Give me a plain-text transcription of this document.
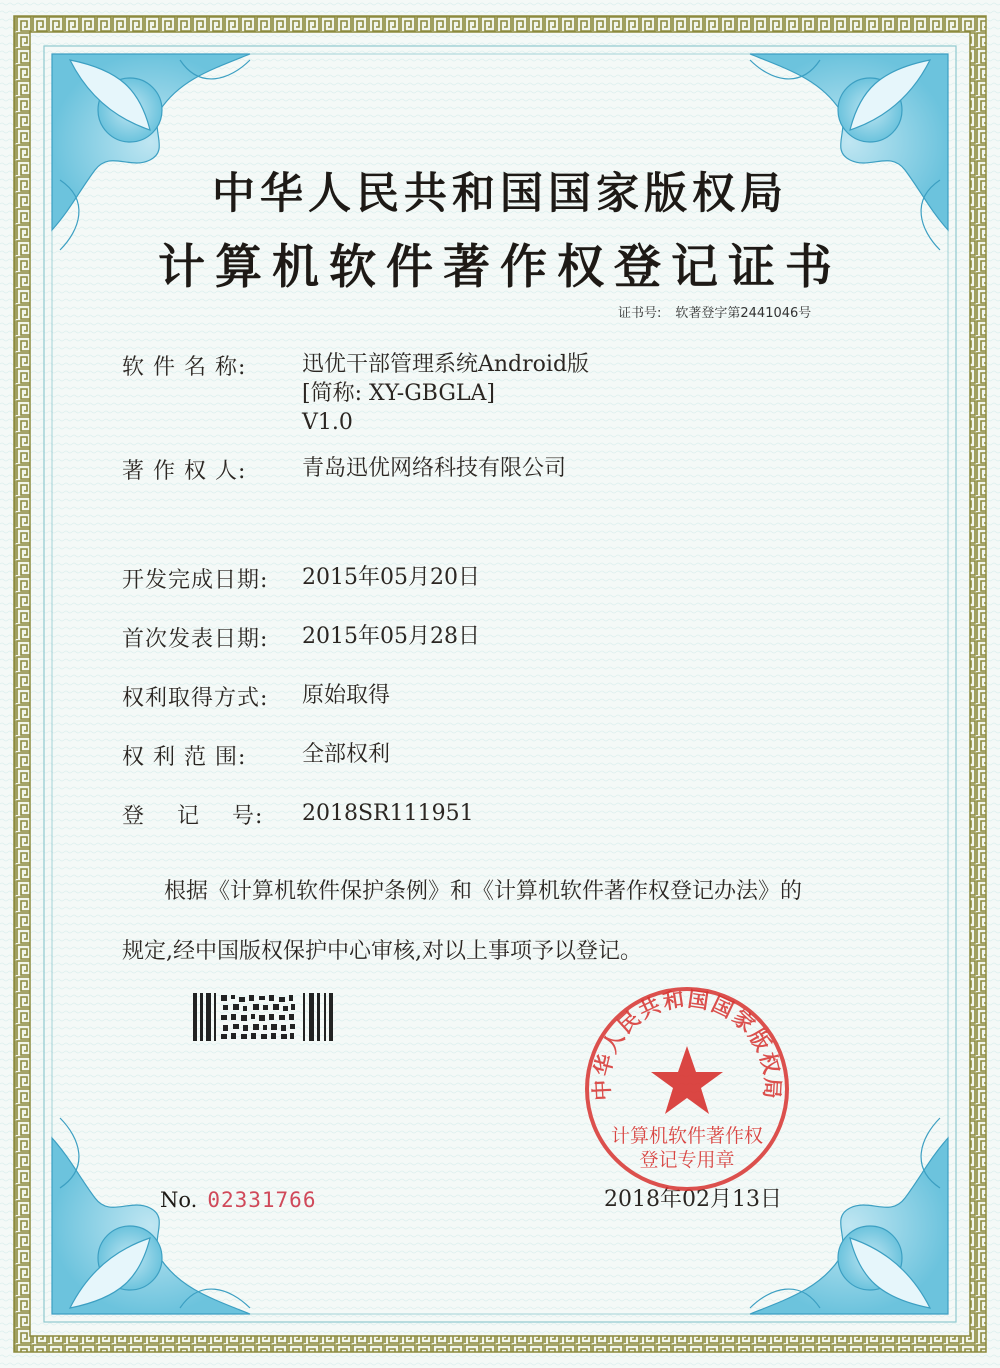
中华人民共和国国家版权局
计算机软件著作权登记证书
证书号: 软著登字第2441046号
软 件 名 称:	迅优干部管理系统Android版
[简称: XY-GBGLA]
V1.0
著 作 权 人:	青岛迅优网络科技有限公司
开发完成日期: 2015年05月20日
首次发表日期: 2015年05月28日
权利取得方式: 原始取得
权 利 范 围:	全部权利
登    记    号: 2018SR111951
根据《计算机软件保护条例》和《计算机软件著作权登记办法》的
规定,经中国版权保护中心审核,对以上事项予以登记。
No. 02331766	2018年02月13日
中华人民共和国国家版权局
计算机软件著作权
登记专用章
